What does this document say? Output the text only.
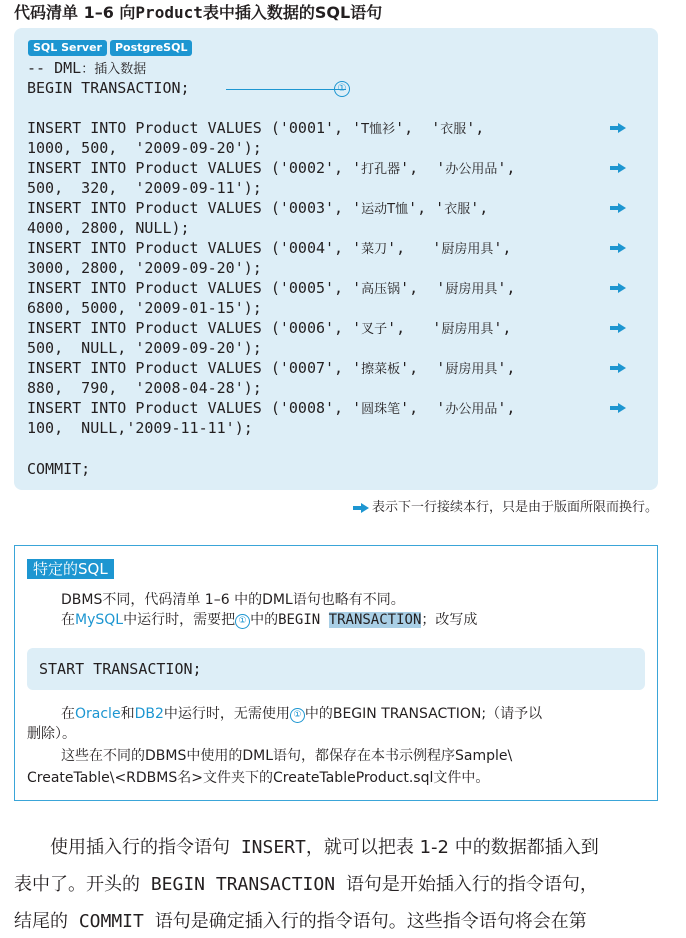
代码清单 1–6 向Product表中插入数据的SQL语句
SQL Server	PostgreSQL
-- DML：插入数据
BEGIN TRANSACTION;	①
INSERT INTO Product VALUES ('0001', 'T恤衫',  '衣服',
1000, 500,  '2009-09-20');
INSERT INTO Product VALUES ('0002', '打孔器',  '办公用品',
500,  320,  '2009-09-11');
INSERT INTO Product VALUES ('0003', '运动T恤', '衣服',
4000, 2800, NULL);
INSERT INTO Product VALUES ('0004', '菜刀',   '厨房用具',
3000, 2800, '2009-09-20');
INSERT INTO Product VALUES ('0005', '高压锅',  '厨房用具',
6800, 5000, '2009-01-15');
INSERT INTO Product VALUES ('0006', '叉子',   '厨房用具',
500,  NULL, '2009-09-20');
INSERT INTO Product VALUES ('0007', '擦菜板',  '厨房用具',
880,  790,  '2008-04-28');
INSERT INTO Product VALUES ('0008', '圆珠笔',  '办公用品',
100,  NULL,'2009-11-11');
COMMIT;
表示下一行接续本行，只是由于版面所限而换行。
特定的SQL
DBMS不同，代码清单 1–6 中的DML语句也略有不同。
在MySQL中运行时，需要把 ① 中的BEGIN TRANSACTION；改写成
START TRANSACTION;
在Oracle和DB2中运行时，无需使用 ① 中的BEGIN TRANSACTION;（请予以
删除）。
这些在不同的DBMS中使用的DML语句，都保存在本书示例程序Sample\
CreateTable\<RDBMS名>文件夹下的CreateTableProduct.sql文件中。
使用插入行的指令语句 INSERT，就可以把表 1-2 中的数据都插入到
表中了。开头的 BEGIN TRANSACTION 语句是开始插入行的指令语句，
结尾的 COMMIT 语句是确定插入行的指令语句。这些指令语句将会在第
